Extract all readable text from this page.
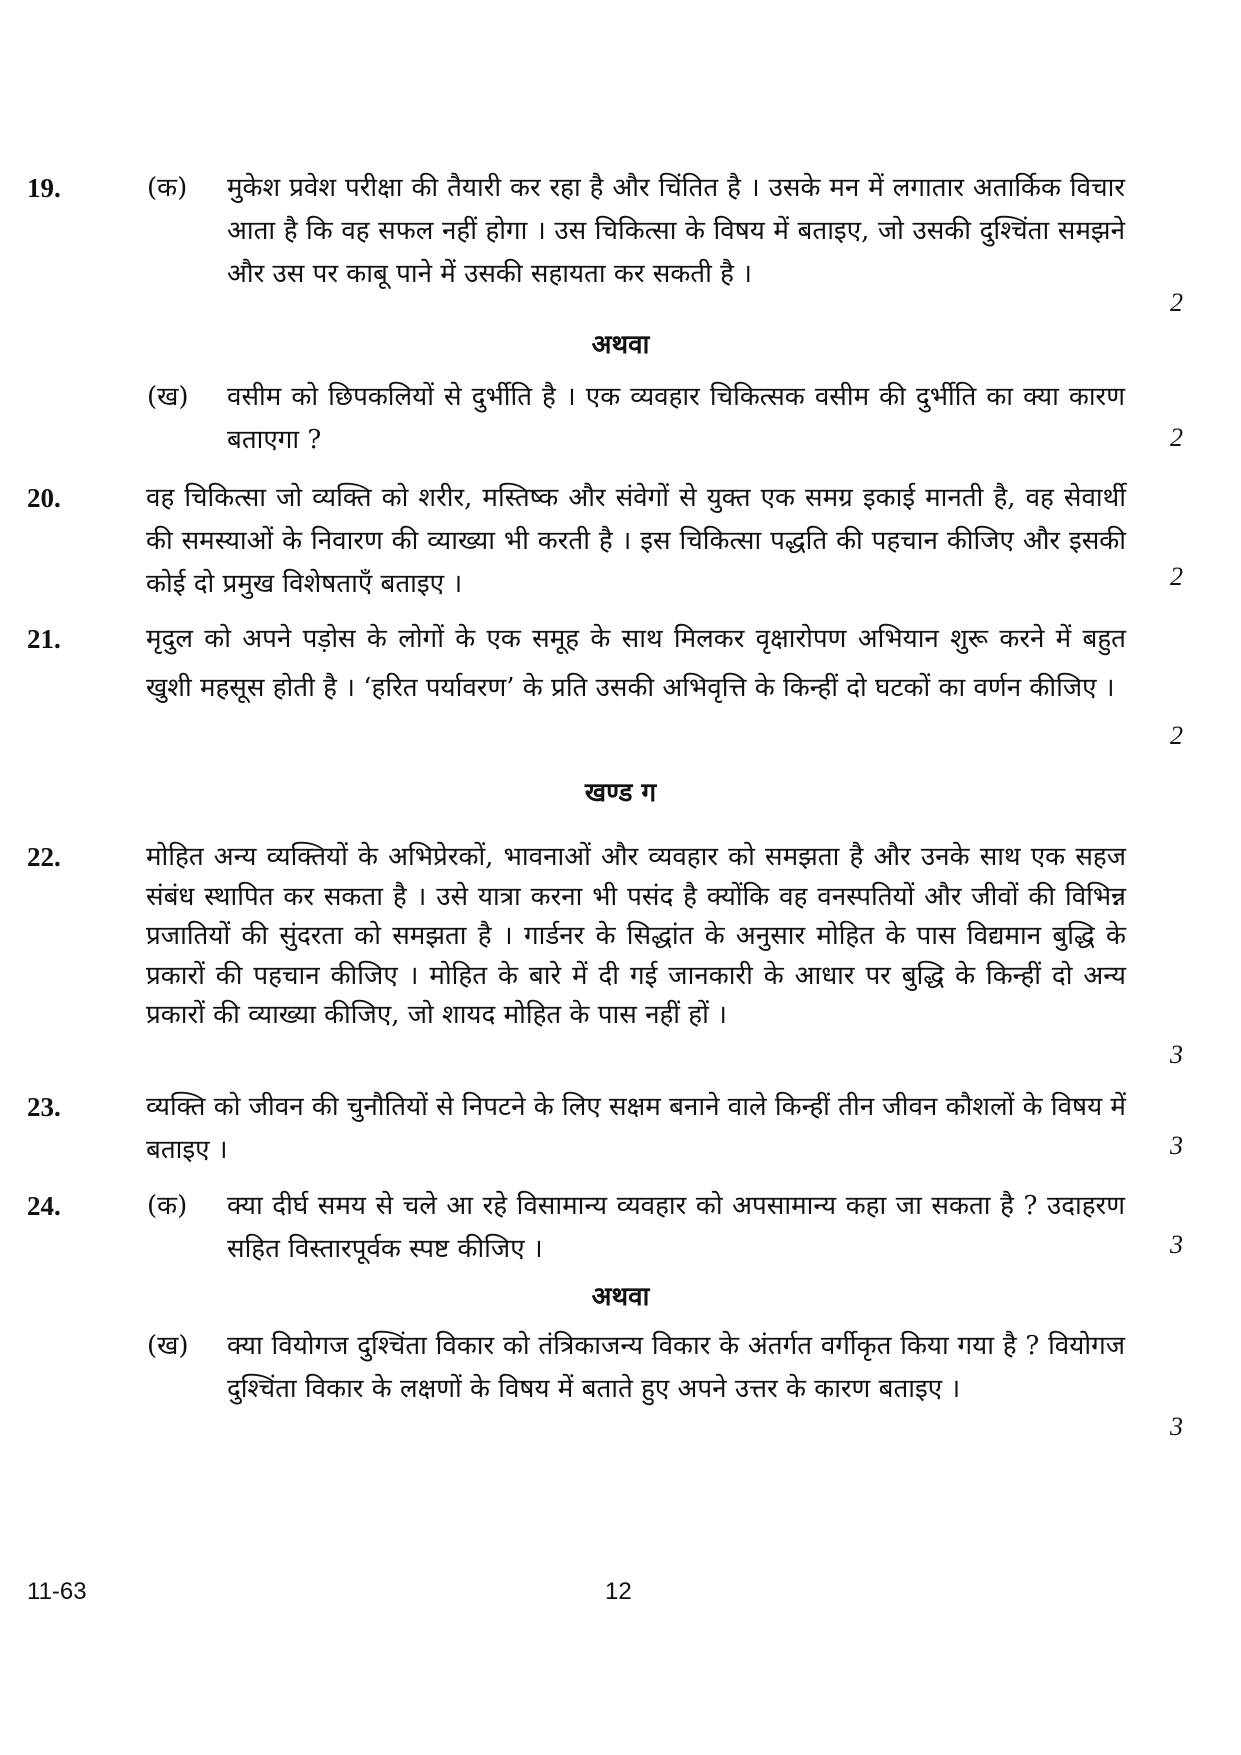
19.	(क) मुकेश प्रवेश परीक्षा की तैयारी कर रहा है और चिंतित है । उसके मन में लगातार अतार्किक विचार आता है कि वह सफल नहीं होगा । उस चिकित्सा के विषय में बताइए, जो उसकी दुश्चिंता समझने और उस पर काबू पाने में उसकी सहायता कर सकती है ।
2
अथवा
(ख) वसीम को छिपकलियों से दुर्भीति है । एक व्यवहार चिकित्सक वसीम की दुर्भीति का क्या कारण बताएगा ?	2
20.	वह चिकित्सा जो व्यक्ति को शरीर, मस्तिष्क और संवेगों से युक्त एक समग्र इकाई मानती है, वह सेवार्थी की समस्याओं के निवारण की व्याख्या भी करती है । इस चिकित्सा पद्धति की पहचान कीजिए और इसकी कोई दो प्रमुख विशेषताएँ बताइए ।	2
21.	मृदुल को अपने पड़ोस के लोगों के एक समूह के साथ मिलकर वृक्षारोपण अभियान शुरू करने में बहुत खुशी महसूस होती है । ‘हरित पर्यावरण’ के प्रति उसकी अभिवृत्ति के किन्हीं दो घटकों का वर्णन कीजिए ।
2
खण्ड ग
22.	मोहित अन्य व्यक्तियों के अभिप्रेरकों, भावनाओं और व्यवहार को समझता है और उनके साथ एक सहज संबंध स्थापित कर सकता है । उसे यात्रा करना भी पसंद है क्योंकि वह वनस्पतियों और जीवों की विभिन्न प्रजातियों की सुंदरता को समझता है । गार्डनर के सिद्धांत के अनुसार मोहित के पास विद्यमान बुद्धि के प्रकारों की पहचान कीजिए । मोहित के बारे में दी गई जानकारी के आधार पर बुद्धि के किन्हीं दो अन्य प्रकारों की व्याख्या कीजिए, जो शायद मोहित के पास नहीं हों ।
3
23.	व्यक्ति को जीवन की चुनौतियों से निपटने के लिए सक्षम बनाने वाले किन्हीं तीन जीवन कौशलों के विषय में बताइए ।	3
24.	(क) क्या दीर्घ समय से चले आ रहे विसामान्य व्यवहार को अपसामान्य कहा जा सकता है ? उदाहरण सहित विस्तारपूर्वक स्पष्ट कीजिए ।	3
अथवा
(ख) क्या वियोगज दुश्चिंता विकार को तंत्रिकाजन्य विकार के अंतर्गत वर्गीकृत किया गया है ? वियोगज दुश्चिंता विकार के लक्षणों के विषय में बताते हुए अपने उत्तर के कारण बताइए ।
3
11-63	12
